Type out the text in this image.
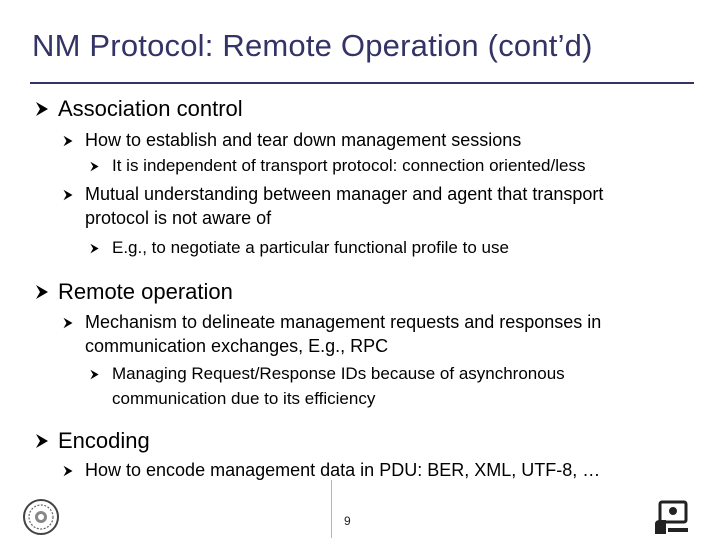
NM Protocol: Remote Operation (cont’d)
Association control
How to establish and tear down management sessions
It is independent of transport protocol: connection oriented/less
Mutual understanding between manager and agent that transport
protocol is not aware of
E.g., to negotiate a particular functional profile to use
Remote operation
Mechanism to delineate management requests and responses in
communication exchanges, E.g., RPC
Managing Request/Response IDs because of asynchronous
communication due to its efficiency
Encoding
How to encode management data in PDU: BER, XML, UTF-8, …
9
